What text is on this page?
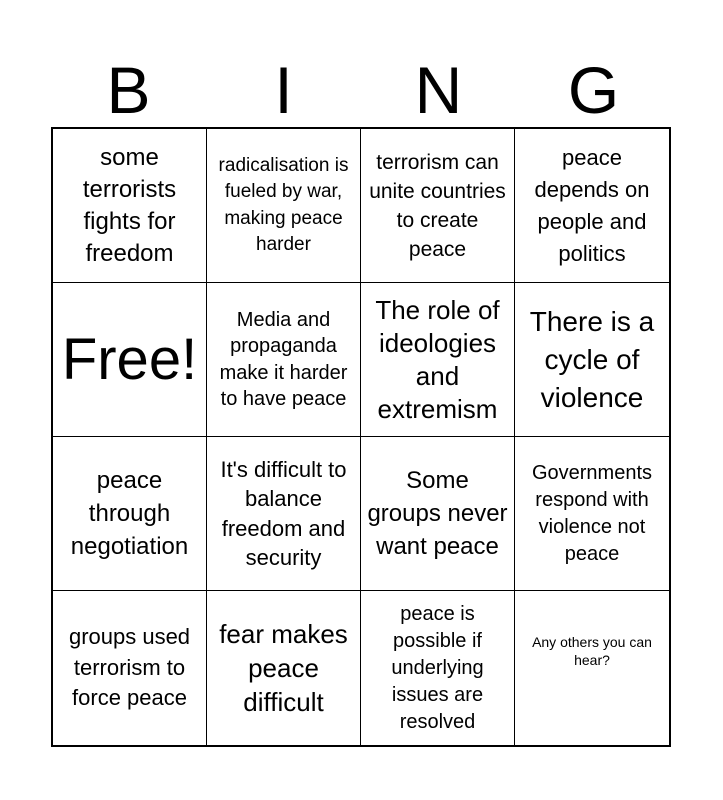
B	I	N	G
some terrorists fights for freedom
radicalisation is fueled by war, making peace harder
terrorism can unite countries to create peace
peace depends on people and politics
Free!
Media and propaganda make it harder to have peace
The role of ideologies and extremism
There is a cycle of violence
peace through negotiation
It's difficult to balance freedom and security
Some groups never want peace
Governments respond with violence not peace
groups used terrorism to force peace
fear makes peace difficult
peace is possible if underlying issues are resolved
Any others you can hear?
